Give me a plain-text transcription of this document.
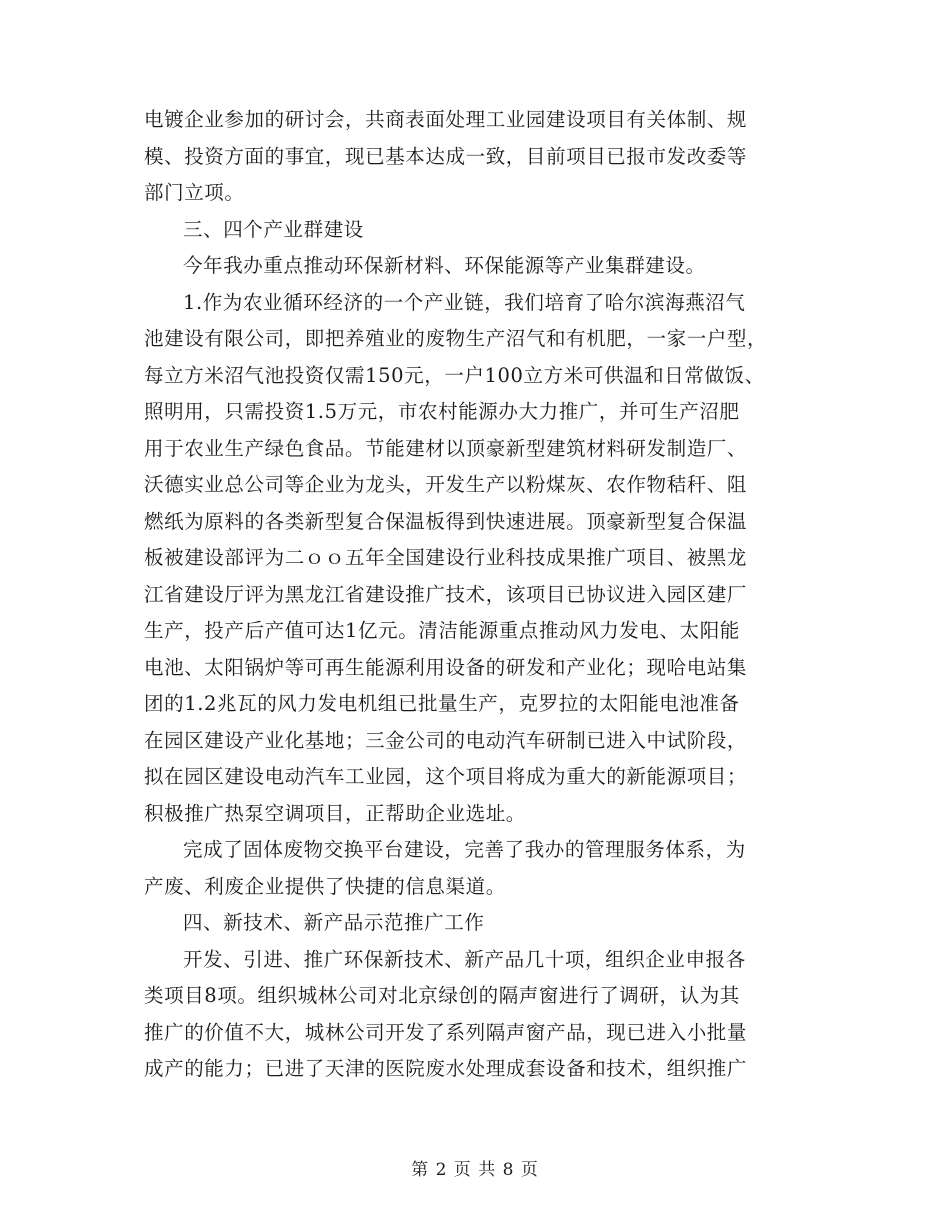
电镀企业参加的研讨会，共商表面处理工业园建设项目有关体制、规
模、投资方面的事宜，现已基本达成一致，目前项目已报市发改委等
部门立项。
三、四个产业群建设
今年我办重点推动环保新材料、环保能源等产业集群建设。
1.作为农业循环经济的一个产业链，我们培育了哈尔滨海燕沼气
池建设有限公司，即把养殖业的废物生产沼气和有机肥，一家一户型，
每立方米沼气池投资仅需150元，一户100立方米可供温和日常做饭、
照明用，只需投资1.5万元，市农村能源办大力推广，并可生产沼肥
用于农业生产绿色食品。节能建材以顶豪新型建筑材料研发制造厂、
沃德实业总公司等企业为龙头，开发生产以粉煤灰、农作物秸秆、阻
燃纸为原料的各类新型复合保温板得到快速进展。顶豪新型复合保温
板被建设部评为二ｏｏ五年全国建设行业科技成果推广项目、被黑龙
江省建设厅评为黑龙江省建设推广技术，该项目已协议进入园区建厂
生产，投产后产值可达1亿元。清洁能源重点推动风力发电、太阳能
电池、太阳锅炉等可再生能源利用设备的研发和产业化；现哈电站集
团的1.2兆瓦的风力发电机组已批量生产，克罗拉的太阳能电池准备
在园区建设产业化基地；三金公司的电动汽车研制已进入中试阶段，
拟在园区建设电动汽车工业园，这个项目将成为重大的新能源项目；
积极推广热泵空调项目，正帮助企业选址。
完成了固体废物交换平台建设，完善了我办的管理服务体系，为
产废、利废企业提供了快捷的信息渠道。
四、新技术、新产品示范推广工作
开发、引进、推广环保新技术、新产品几十项，组织企业申报各
类项目8项。组织城林公司对北京绿创的隔声窗进行了调研，认为其
推广的价值不大，城林公司开发了系列隔声窗产品，现已进入小批量
成产的能力；已进了天津的医院废水处理成套设备和技术，组织推广
第 2 页 共 8 页
